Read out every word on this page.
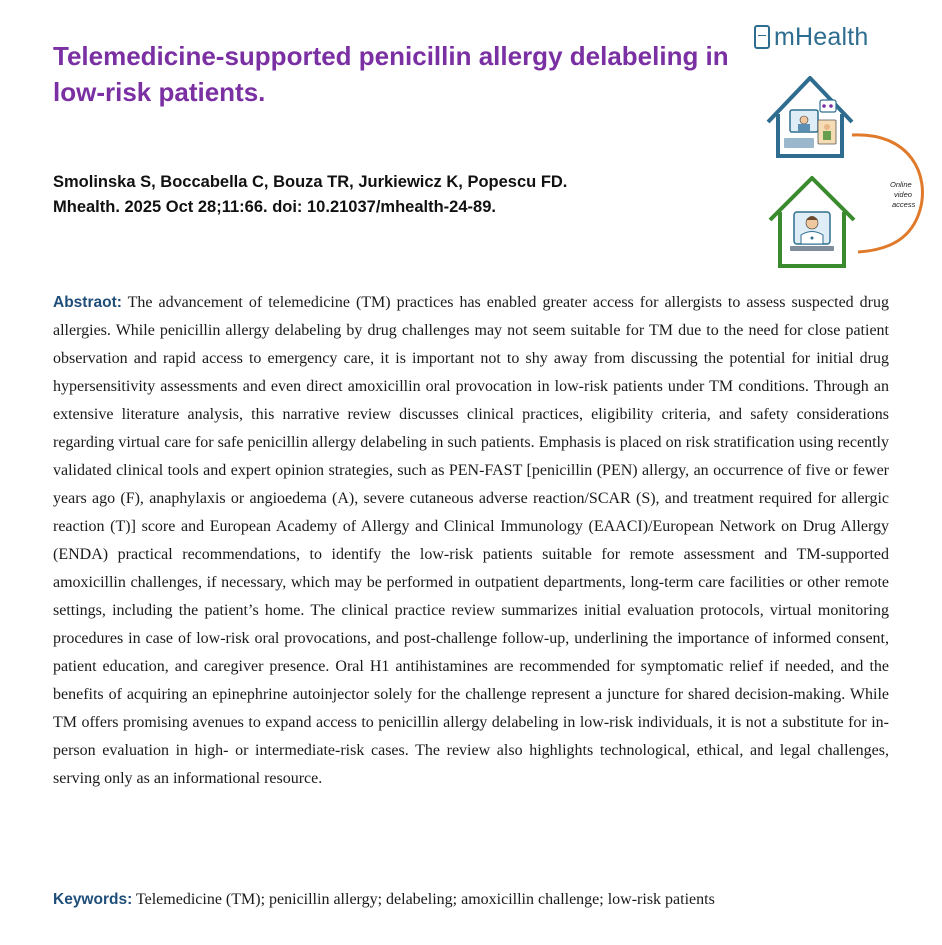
Telemedicine-supported penicillin allergy delabeling in low-risk patients.
mHealth
Online
video
access
Smolinska S, Boccabella C, Bouza TR, Jurkiewicz K, Popescu FD.
Mhealth. 2025 Oct 28;11:66. doi: 10.21037/mhealth-24-89.

Abstraot: The advancement of telemedicine (TM) practices has enabled greater access for allergists to assess suspected drug allergies. While penicillin allergy delabeling by drug challenges may not seem suitable for TM due to the need for close patient observation and rapid access to emergency care, it is important not to shy away from discussing the potential for initial drug hypersensitivity assessments and even direct amoxicillin oral provocation in low-risk patients under TM conditions. Through an extensive literature analysis, this narrative review discusses clinical practices, eligibility criteria, and safety considerations regarding virtual care for safe penicillin allergy delabeling in such patients. Emphasis is placed on risk stratification using recently validated clinical tools and expert opinion strategies, such as PEN-FAST [penicillin (PEN) allergy, an occurrence of five or fewer years ago (F), anaphylaxis or angioedema (A), severe cutaneous adverse reaction/SCAR (S), and treatment required for allergic reaction (T)] score and European Academy of Allergy and Clinical Immunology (EAACI)/European Network on Drug Allergy (ENDA) practical recommendations, to identify the low-risk patients suitable for remote assessment and TM-supported amoxicillin challenges, if necessary, which may be performed in outpatient departments, long-term care facilities or other remote settings, including the patient’s home. The clinical practice review summarizes initial evaluation protocols, virtual monitoring procedures in case of low-risk oral provocations, and post-challenge follow-up, underlining the importance of informed consent, patient education, and caregiver presence. Oral H1 antihistamines are recommended for symptomatic relief if needed, and the benefits of acquiring an epinephrine autoinjector solely for the challenge represent a juncture for shared decision-making. While TM offers promising avenues to expand access to penicillin allergy delabeling in low-risk individuals, it is not a substitute for in-person evaluation in high- or intermediate-risk cases. The review also highlights technological, ethical, and legal challenges, serving only as an informational resource.

Keywords: Telemedicine (TM); penicillin allergy; delabeling; amoxicillin challenge; low-risk patients
